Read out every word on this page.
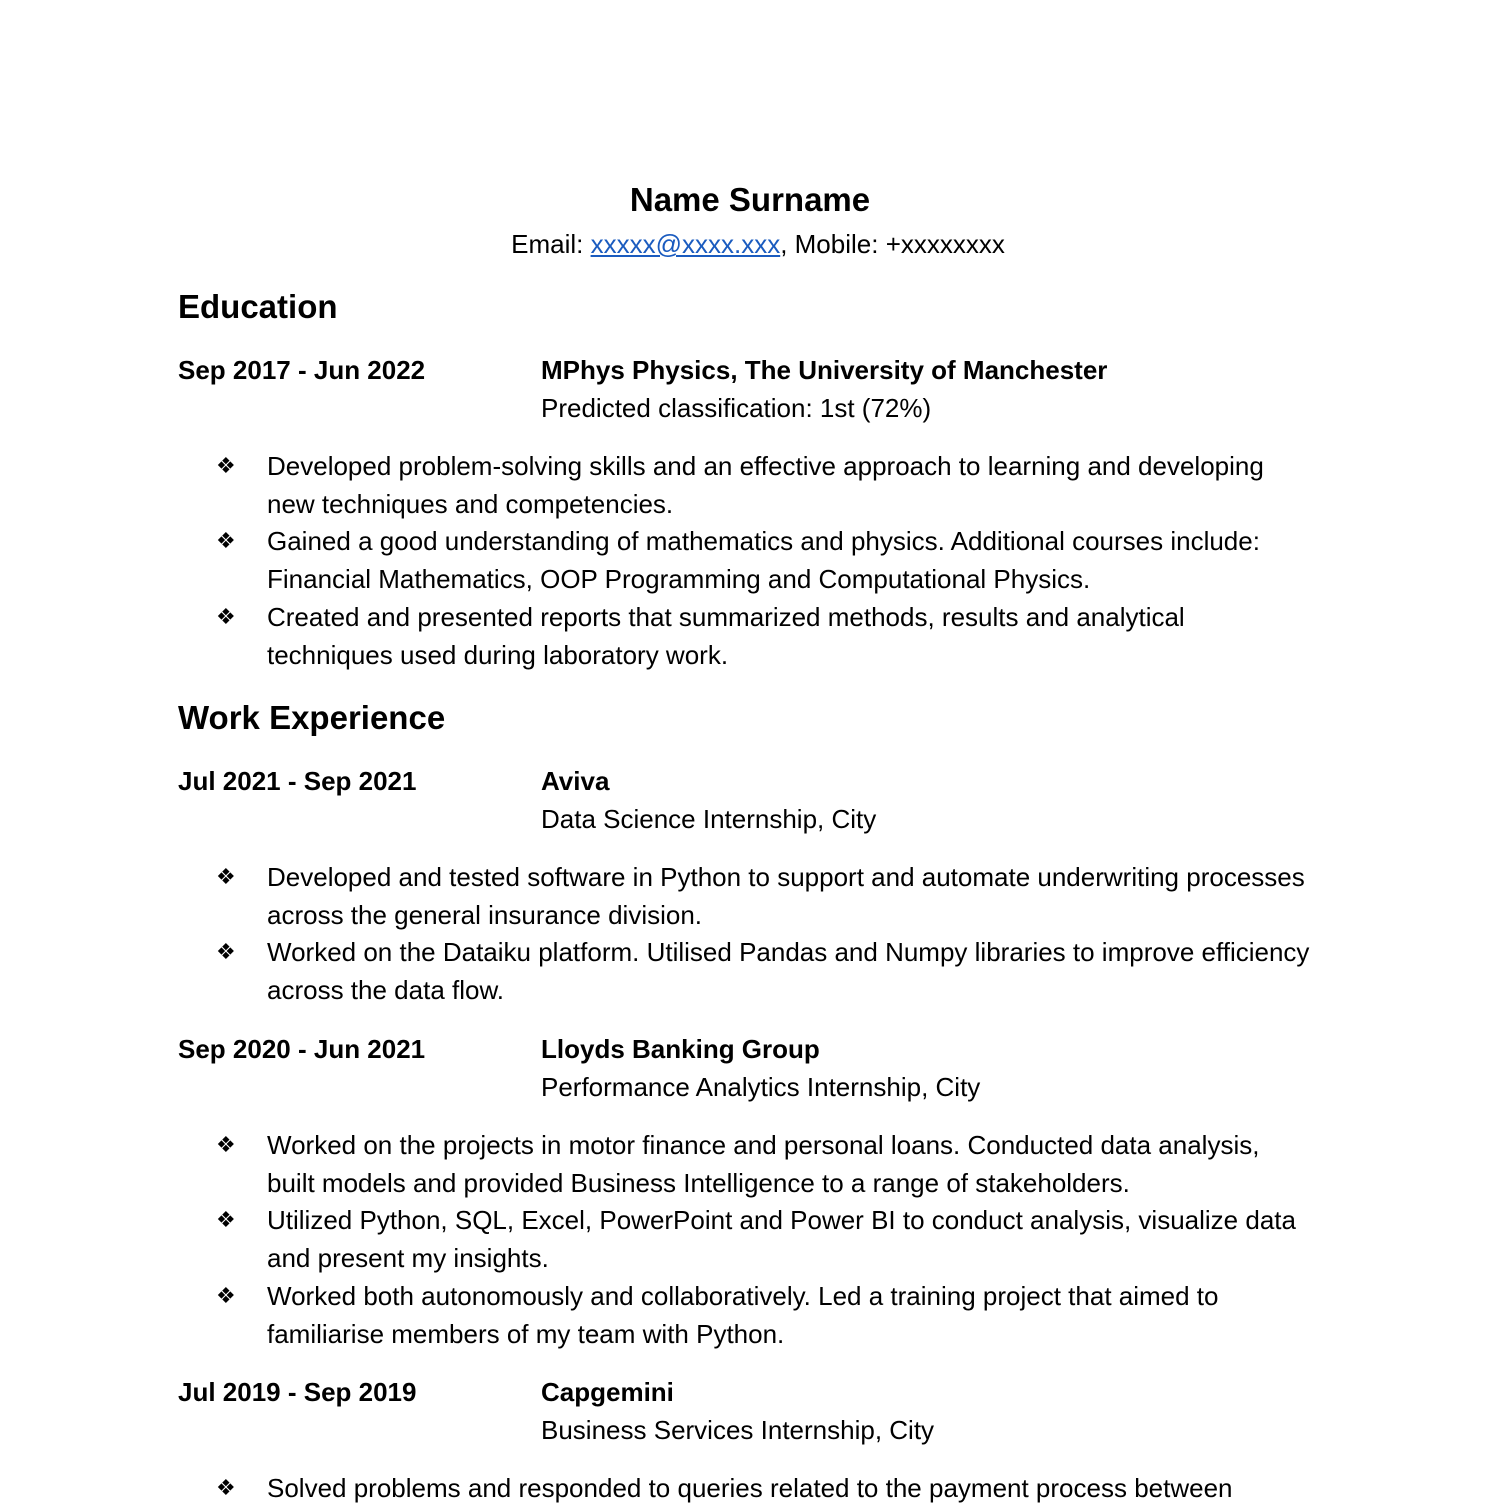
Name Surname
Email: xxxxx@xxxx.xxx, Mobile: +xxxxxxxx
Education
Sep 2017 - Jun 2022	MPhys Physics, The University of Manchester
Predicted classification: 1st (72%)
❖ Developed problem-solving skills and an effective approach to learning and developing new techniques and competencies.
❖ Gained a good understanding of mathematics and physics. Additional courses include: Financial Mathematics, OOP Programming and Computational Physics.
❖ Created and presented reports that summarized methods, results and analytical techniques used during laboratory work.
Work Experience
Jul 2021 - Sep 2021	Aviva
Data Science Internship, City
❖ Developed and tested software in Python to support and automate underwriting processes across the general insurance division.
❖ Worked on the Dataiku platform. Utilised Pandas and Numpy libraries to improve efficiency across the data flow.
Sep 2020 - Jun 2021	Lloyds Banking Group
Performance Analytics Internship, City
❖ Worked on the projects in motor finance and personal loans. Conducted data analysis, built models and provided Business Intelligence to a range of stakeholders.
❖ Utilized Python, SQL, Excel, PowerPoint and Power BI to conduct analysis, visualize data and present my insights.
❖ Worked both autonomously and collaboratively. Led a training project that aimed to familiarise members of my team with Python.
Jul 2019 - Sep 2019	Capgemini
Business Services Internship, City
❖ Solved problems and responded to queries related to the payment process between
